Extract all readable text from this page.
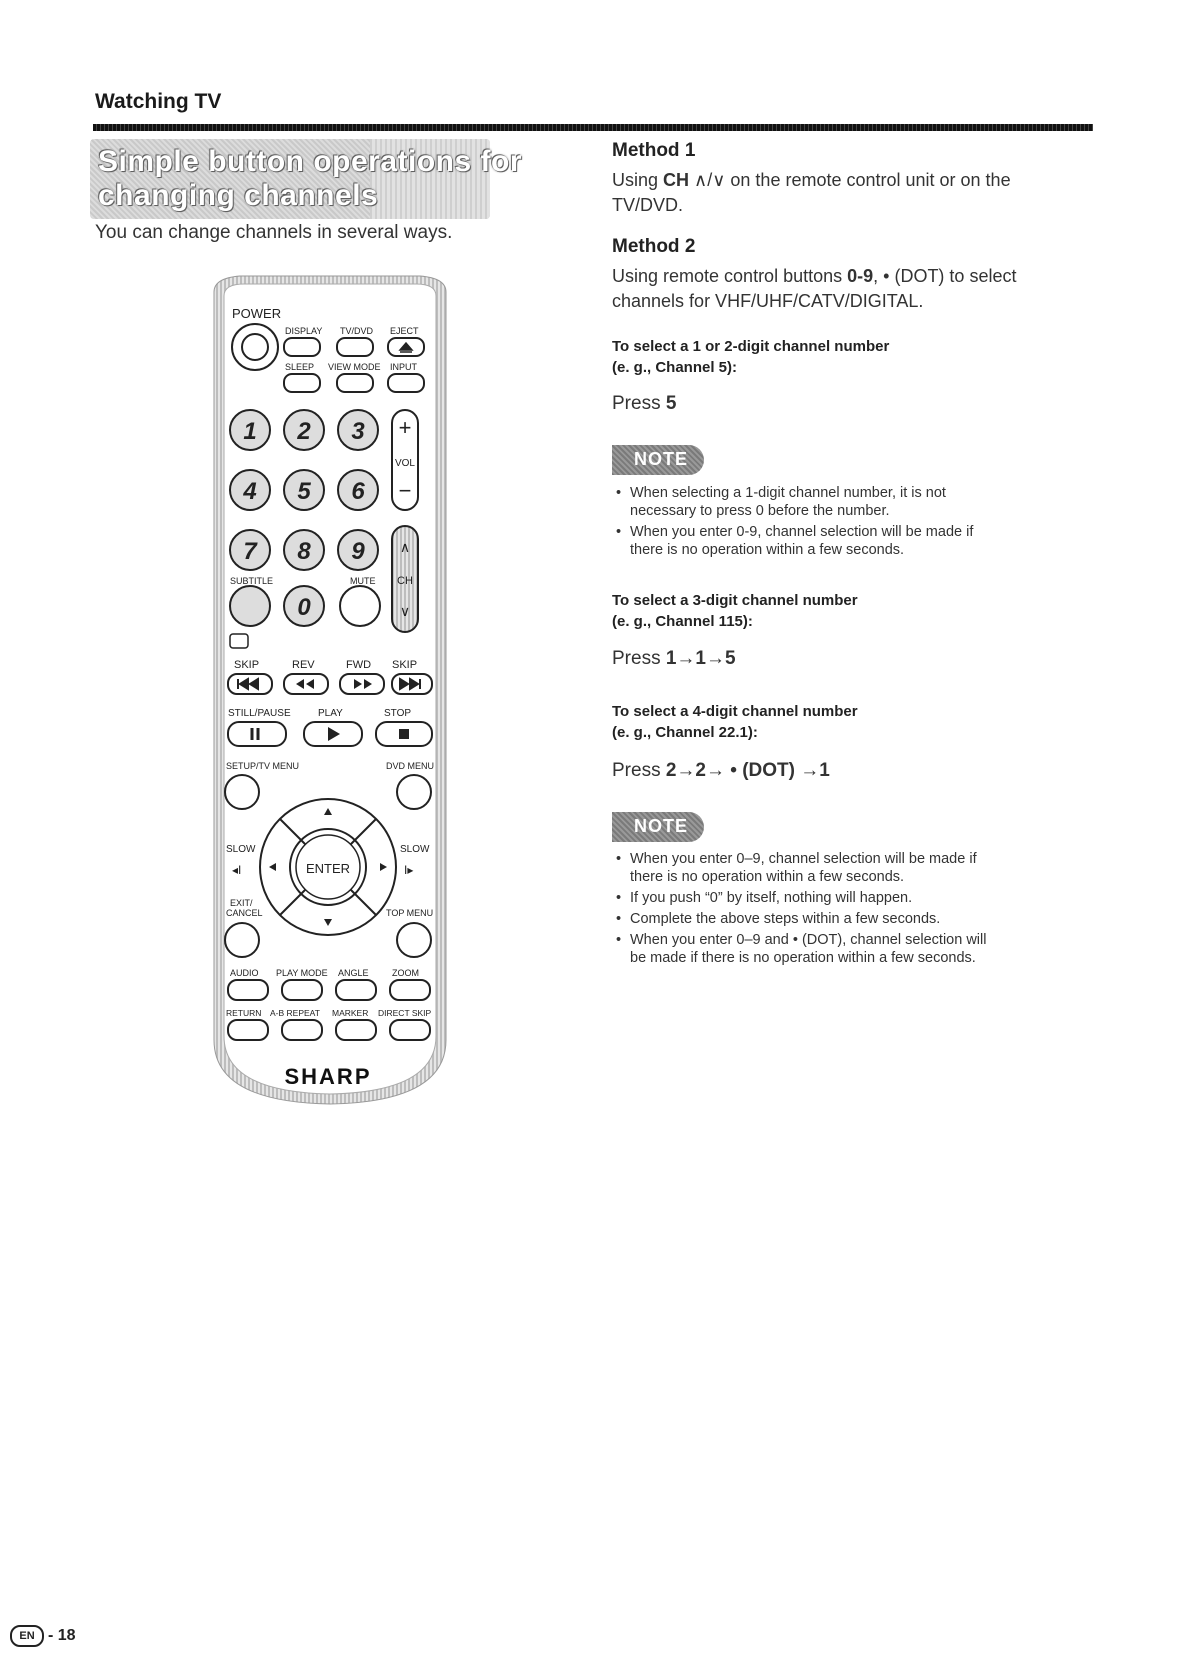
Watching TV
Simple button operations for
changing channels
You can change channels in several ways.
POWER
DISPLAY TV/DVD EJECT
SLEEP VIEW MODE INPUT
1 2 3
4 5 6
7 8 9
0
+
VOL
−
∧
CH
∨
SUBTITLE	MUTE
SKIP	REV	FWD SKIP
STILL/PAUSE	PLAY	STOP
SETUP/TV MENU	DVD MENU
ENTER
SLOW
◂I
SLOW
I▸
EXIT/
CANCEL	TOP MENU
AUDIO PLAY MODE ANGLE	ZOOM
RETURN A-B REPEAT MARKER DIRECT SKIP
SHARP
Method 1
Using CH ∧/∨ on the remote control unit or on the
TV/DVD.
Method 2
Using remote control buttons 0-9, • (DOT) to select
channels for VHF/UHF/CATV/DIGITAL.
To select a 1 or 2-digit channel number
(e. g., Channel 5):
Press 5
NOTE
• When selecting a 1-digit channel number, it is not
necessary to press 0 before the number.
• When you enter 0-9, channel selection will be made if
there is no operation within a few seconds.
To select a 3-digit channel number
(e. g., Channel 115):
Press 1→1→5
To select a 4-digit channel number
(e. g., Channel 22.1):
Press 2→2→ • (DOT) →1
NOTE
• When you enter 0–9, channel selection will be made if
there is no operation within a few seconds.
• If you push “0” by itself, nothing will happen.
• Complete the above steps within a few seconds.
• When you enter 0–9 and • (DOT), channel selection will
be made if there is no operation within a few seconds.
EN - 18
